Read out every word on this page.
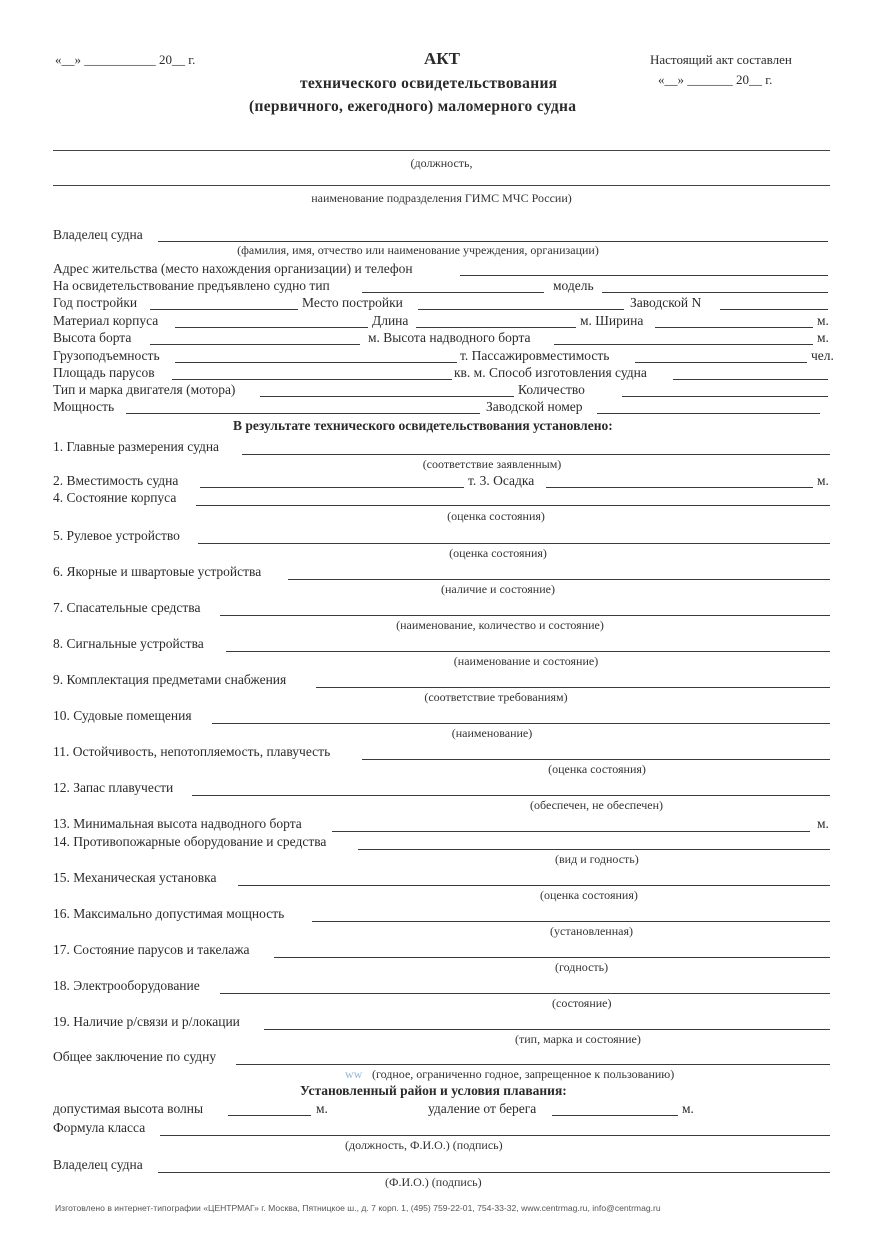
«__» ___________ 20__ г.	АКТ
технического освидетельствования
(первичного, ежегодного) маломерного судна
Настоящий акт составлен
«__» _______ 20__ г.
(должность,
наименование подразделения ГИМС МЧС России)
Владелец судна
(фамилия, имя, отчество или наименование учреждения, организации)
Адрес жительства (место нахождения организации) и телефон
На освидетельствование предъявлено судно тип	модель
Год постройки	Место постройки	Заводской N
Материал корпуса	Длина	м. Ширина	м.
Высота борта	м. Высота надводного борта	м.
Грузоподъемность	т. Пассажировместимость	чел.
Площадь парусов	кв. м. Способ изготовления судна
Тип и марка двигателя (мотора)	Количество
Мощность	Заводской номер
В результате технического освидетельствования установлено:
1. Главные размерения судна
(соответствие заявленным)
2. Вместимость судна	т. 3. Осадка	м.
4. Состояние корпуса
(оценка состояния)
5. Рулевое устройство
(оценка состояния)
6. Якорные и швартовые устройства
(наличие и состояние)
7. Спасательные средства
(наименование, количество и состояние)
8. Сигнальные устройства
(наименование и состояние)
9. Комплектация предметами снабжения
(соответствие требованиям)
10. Судовые помещения
(наименование)
11. Остойчивость, непотопляемость, плавучесть
(оценка состояния)
12. Запас плавучести
(обеспечен, не обеспечен)
13. Минимальная высота надводного борта	м.
14. Противопожарные оборудование и средства
(вид и годность)
15. Механическая установка
(оценка состояния)
16. Максимально допустимая мощность
(установленная)
17. Состояние парусов и такелажа
(годность)
18. Электрооборудование
(состояние)
19. Наличие р/связи и р/локации
(тип, марка и состояние)
Общее заключение по судну
ww (годное, ограниченно годное, запрещенное к пользованию)
Установленный район и условия плавания:
допустимая высота волны	м.	удаление от берега	м.
Формула класса
(должность, Ф.И.О.) (подпись)
Владелец судна
(Ф.И.О.) (подпись)
Изготовлено в интернет-типографии «ЦЕНТРМАГ» г. Москва, Пятницкое ш., д. 7 корп. 1, (495) 759-22-01, 754-33-32, www.centrmag.ru, info@centrmag.ru
